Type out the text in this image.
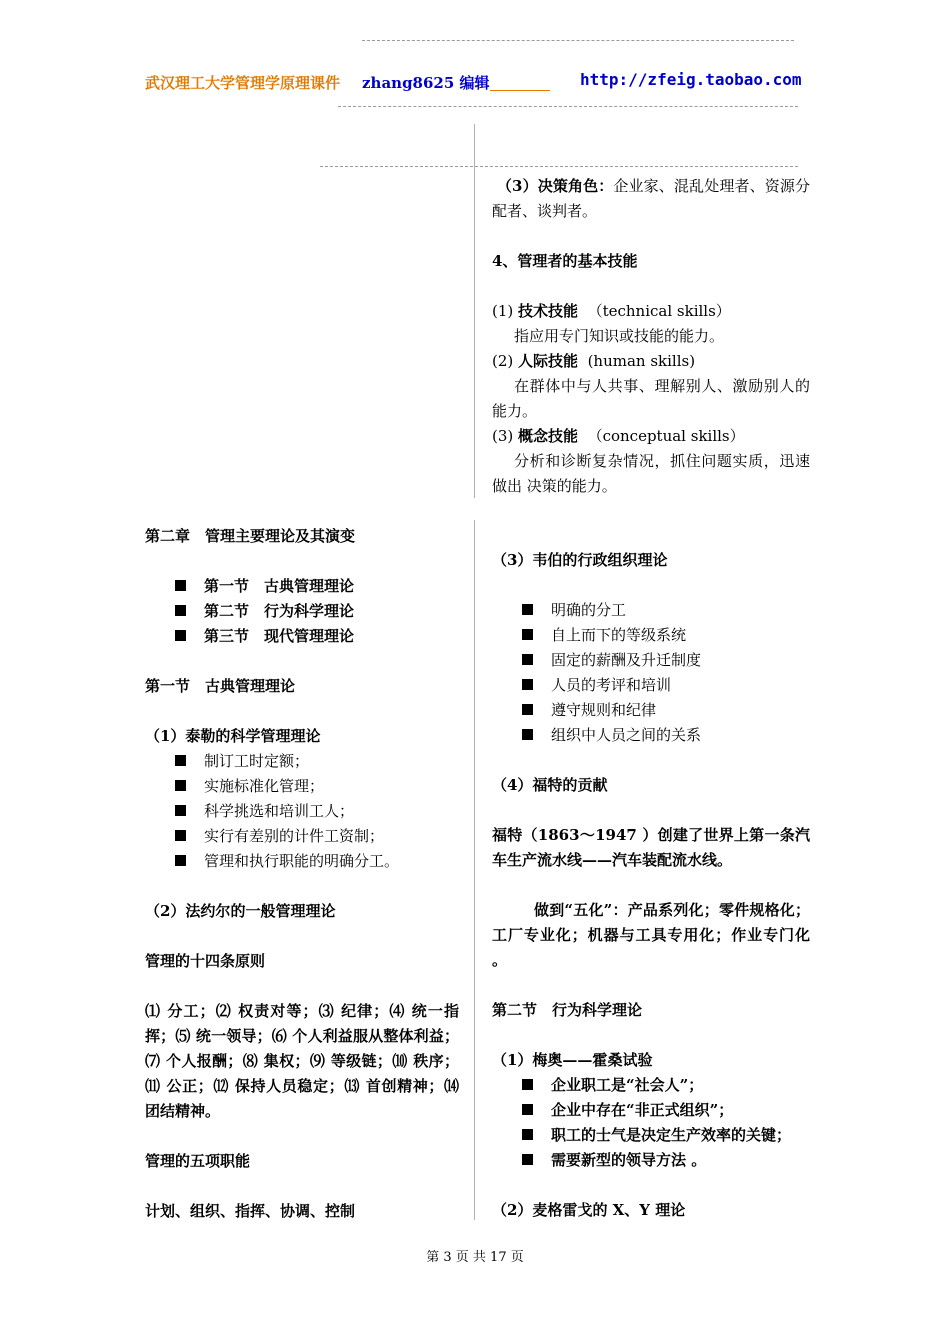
武汉理工大学管理学原理课件 zhang8625 编辑	http://zfeig.taobao.com

（3）决策角色：企业家、混乱处理者、资源分配者、谈判者。

4、管理者的基本技能

(1) 技术技能 （technical skills）

指应用专门知识或技能的能力。

(2) 人际技能 (human skills)

在群体中与人共事、理解别人、激励别人的能力。

(3) 概念技能 （conceptual skills）

分析和诊断复杂情况，抓住问题实质，迅速做出 决策的能力。

第二章　管理主要理论及其演变

第一节　古典管理理论

第二节　行为科学理论

第三节　现代管理理论

第一节　古典管理理论

（1）泰勒的科学管理理论

制订工时定额；

实施标准化管理；

科学挑选和培训工人；

实行有差别的计件工资制；

管理和执行职能的明确分工。

（2）法约尔的一般管理理论

管理的十四条原则

⑴ 分工；⑵ 权责对等；⑶ 纪律；⑷ 统一指挥；⑸ 统一领导；⑹ 个人利益服从整体利益；⑺ 个人报酬；⑻ 集权；⑼ 等级链；⑽ 秩序；⑾ 公正；⑿ 保持人员稳定；⒀ 首创精神；⒁ 团结精神。

管理的五项职能

计划、组织、指挥、协调、控制

（3）韦伯的行政组织理论

明确的分工

自上而下的等级系统

固定的薪酬及升迁制度

人员的考评和培训

遵守规则和纪律

组织中人员之间的关系

（4）福特的贡献

福特（1863～1947 ）创建了世界上第一条汽车生产流水线——汽车装配流水线。

做到“五化”：产品系列化；零件规格化；工厂专业化；机器与工具专用化；作业专门化 。

第二节　行为科学理论

（1）梅奥——霍桑试验

企业职工是“社会人”；

企业中存在“非正式组织”；

职工的士气是决定生产效率的关键；

需要新型的领导方法 。

（2）麦格雷戈的 X、Y 理论

第 3 页 共 17 页
